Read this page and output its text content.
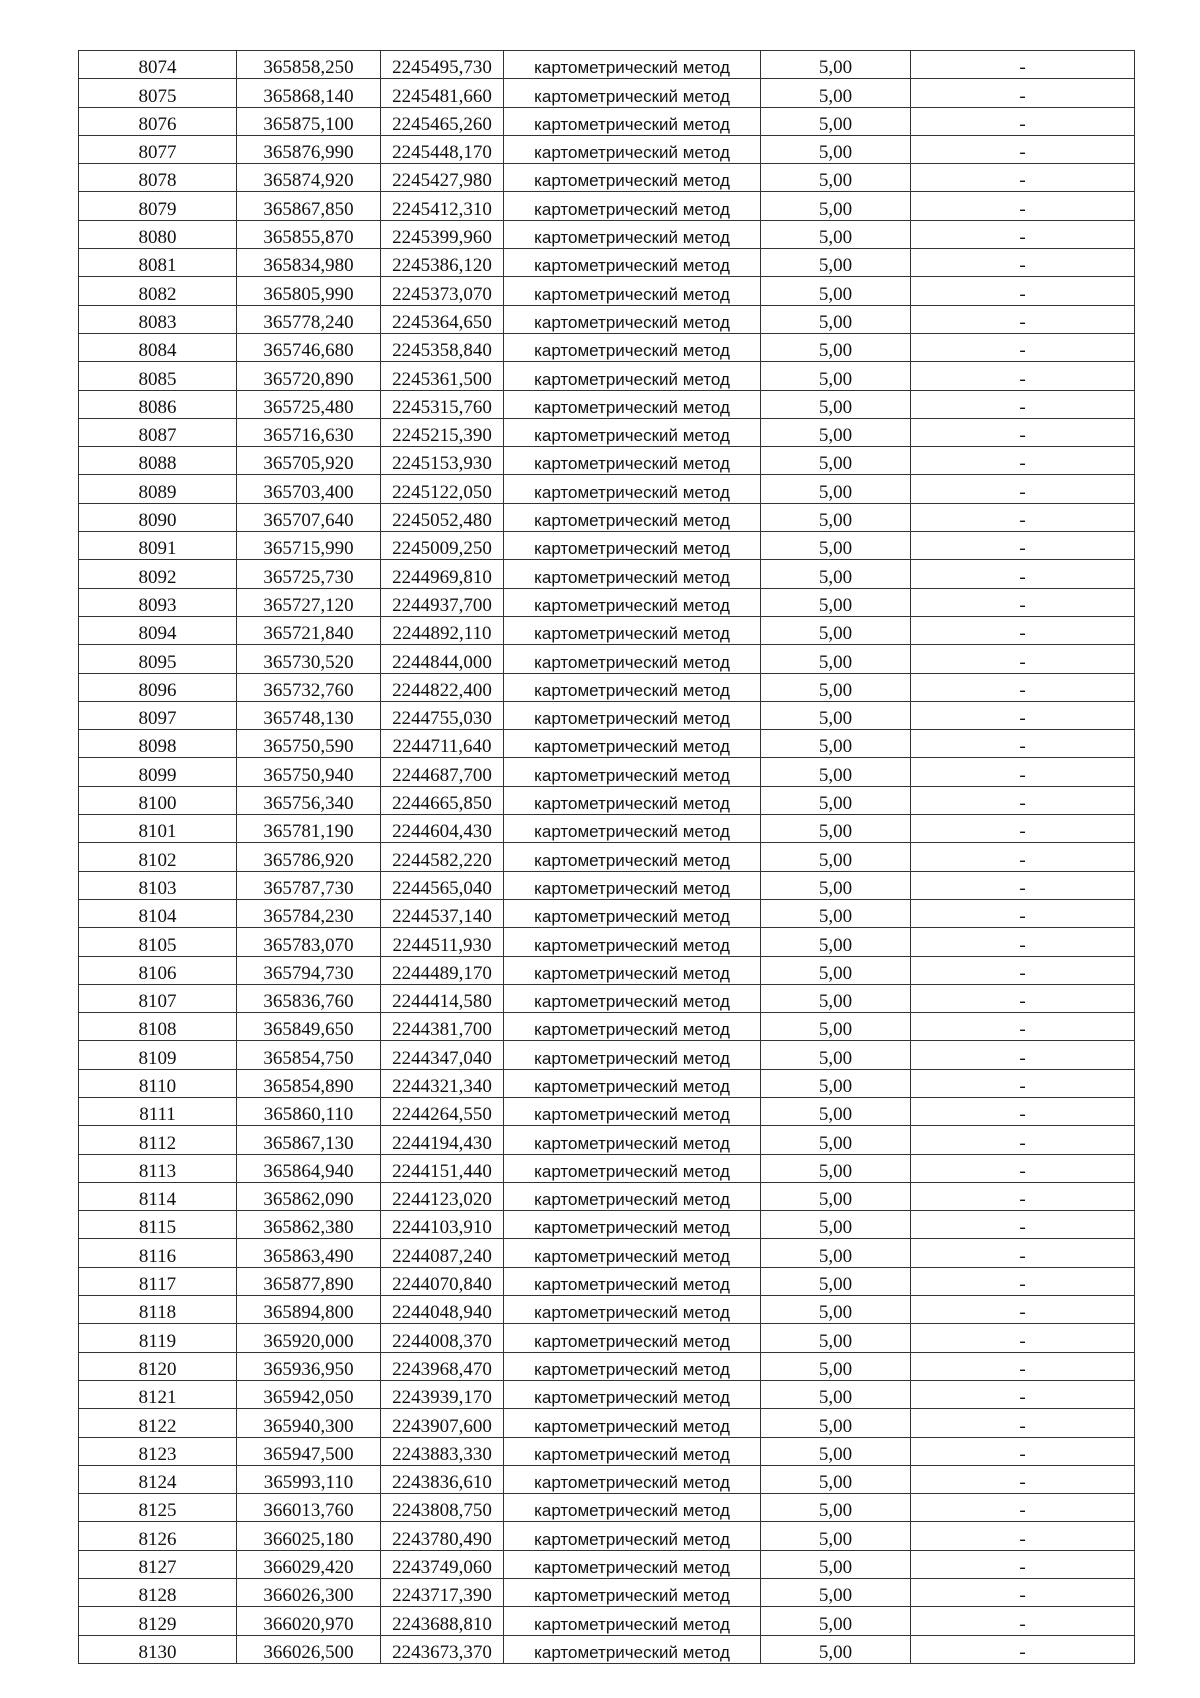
8074	365858,250	2245495,730	картометрический метод	5,00	-
8075	365868,140	2245481,660	картометрический метод	5,00	-
8076	365875,100	2245465,260	картометрический метод	5,00	-
8077	365876,990	2245448,170	картометрический метод	5,00	-
8078	365874,920	2245427,980	картометрический метод	5,00	-
8079	365867,850	2245412,310	картометрический метод	5,00	-
8080	365855,870	2245399,960	картометрический метод	5,00	-
8081	365834,980	2245386,120	картометрический метод	5,00	-
8082	365805,990	2245373,070	картометрический метод	5,00	-
8083	365778,240	2245364,650	картометрический метод	5,00	-
8084	365746,680	2245358,840	картометрический метод	5,00	-
8085	365720,890	2245361,500	картометрический метод	5,00	-
8086	365725,480	2245315,760	картометрический метод	5,00	-
8087	365716,630	2245215,390	картометрический метод	5,00	-
8088	365705,920	2245153,930	картометрический метод	5,00	-
8089	365703,400	2245122,050	картометрический метод	5,00	-
8090	365707,640	2245052,480	картометрический метод	5,00	-
8091	365715,990	2245009,250	картометрический метод	5,00	-
8092	365725,730	2244969,810	картометрический метод	5,00	-
8093	365727,120	2244937,700	картометрический метод	5,00	-
8094	365721,840	2244892,110	картометрический метод	5,00	-
8095	365730,520	2244844,000	картометрический метод	5,00	-
8096	365732,760	2244822,400	картометрический метод	5,00	-
8097	365748,130	2244755,030	картометрический метод	5,00	-
8098	365750,590	2244711,640	картометрический метод	5,00	-
8099	365750,940	2244687,700	картометрический метод	5,00	-
8100	365756,340	2244665,850	картометрический метод	5,00	-
8101	365781,190	2244604,430	картометрический метод	5,00	-
8102	365786,920	2244582,220	картометрический метод	5,00	-
8103	365787,730	2244565,040	картометрический метод	5,00	-
8104	365784,230	2244537,140	картометрический метод	5,00	-
8105	365783,070	2244511,930	картометрический метод	5,00	-
8106	365794,730	2244489,170	картометрический метод	5,00	-
8107	365836,760	2244414,580	картометрический метод	5,00	-
8108	365849,650	2244381,700	картометрический метод	5,00	-
8109	365854,750	2244347,040	картометрический метод	5,00	-
8110	365854,890	2244321,340	картометрический метод	5,00	-
8111	365860,110	2244264,550	картометрический метод	5,00	-
8112	365867,130	2244194,430	картометрический метод	5,00	-
8113	365864,940	2244151,440	картометрический метод	5,00	-
8114	365862,090	2244123,020	картометрический метод	5,00	-
8115	365862,380	2244103,910	картометрический метод	5,00	-
8116	365863,490	2244087,240	картометрический метод	5,00	-
8117	365877,890	2244070,840	картометрический метод	5,00	-
8118	365894,800	2244048,940	картометрический метод	5,00	-
8119	365920,000	2244008,370	картометрический метод	5,00	-
8120	365936,950	2243968,470	картометрический метод	5,00	-
8121	365942,050	2243939,170	картометрический метод	5,00	-
8122	365940,300	2243907,600	картометрический метод	5,00	-
8123	365947,500	2243883,330	картометрический метод	5,00	-
8124	365993,110	2243836,610	картометрический метод	5,00	-
8125	366013,760	2243808,750	картометрический метод	5,00	-
8126	366025,180	2243780,490	картометрический метод	5,00	-
8127	366029,420	2243749,060	картометрический метод	5,00	-
8128	366026,300	2243717,390	картометрический метод	5,00	-
8129	366020,970	2243688,810	картометрический метод	5,00	-
8130	366026,500	2243673,370	картометрический метод	5,00	-
